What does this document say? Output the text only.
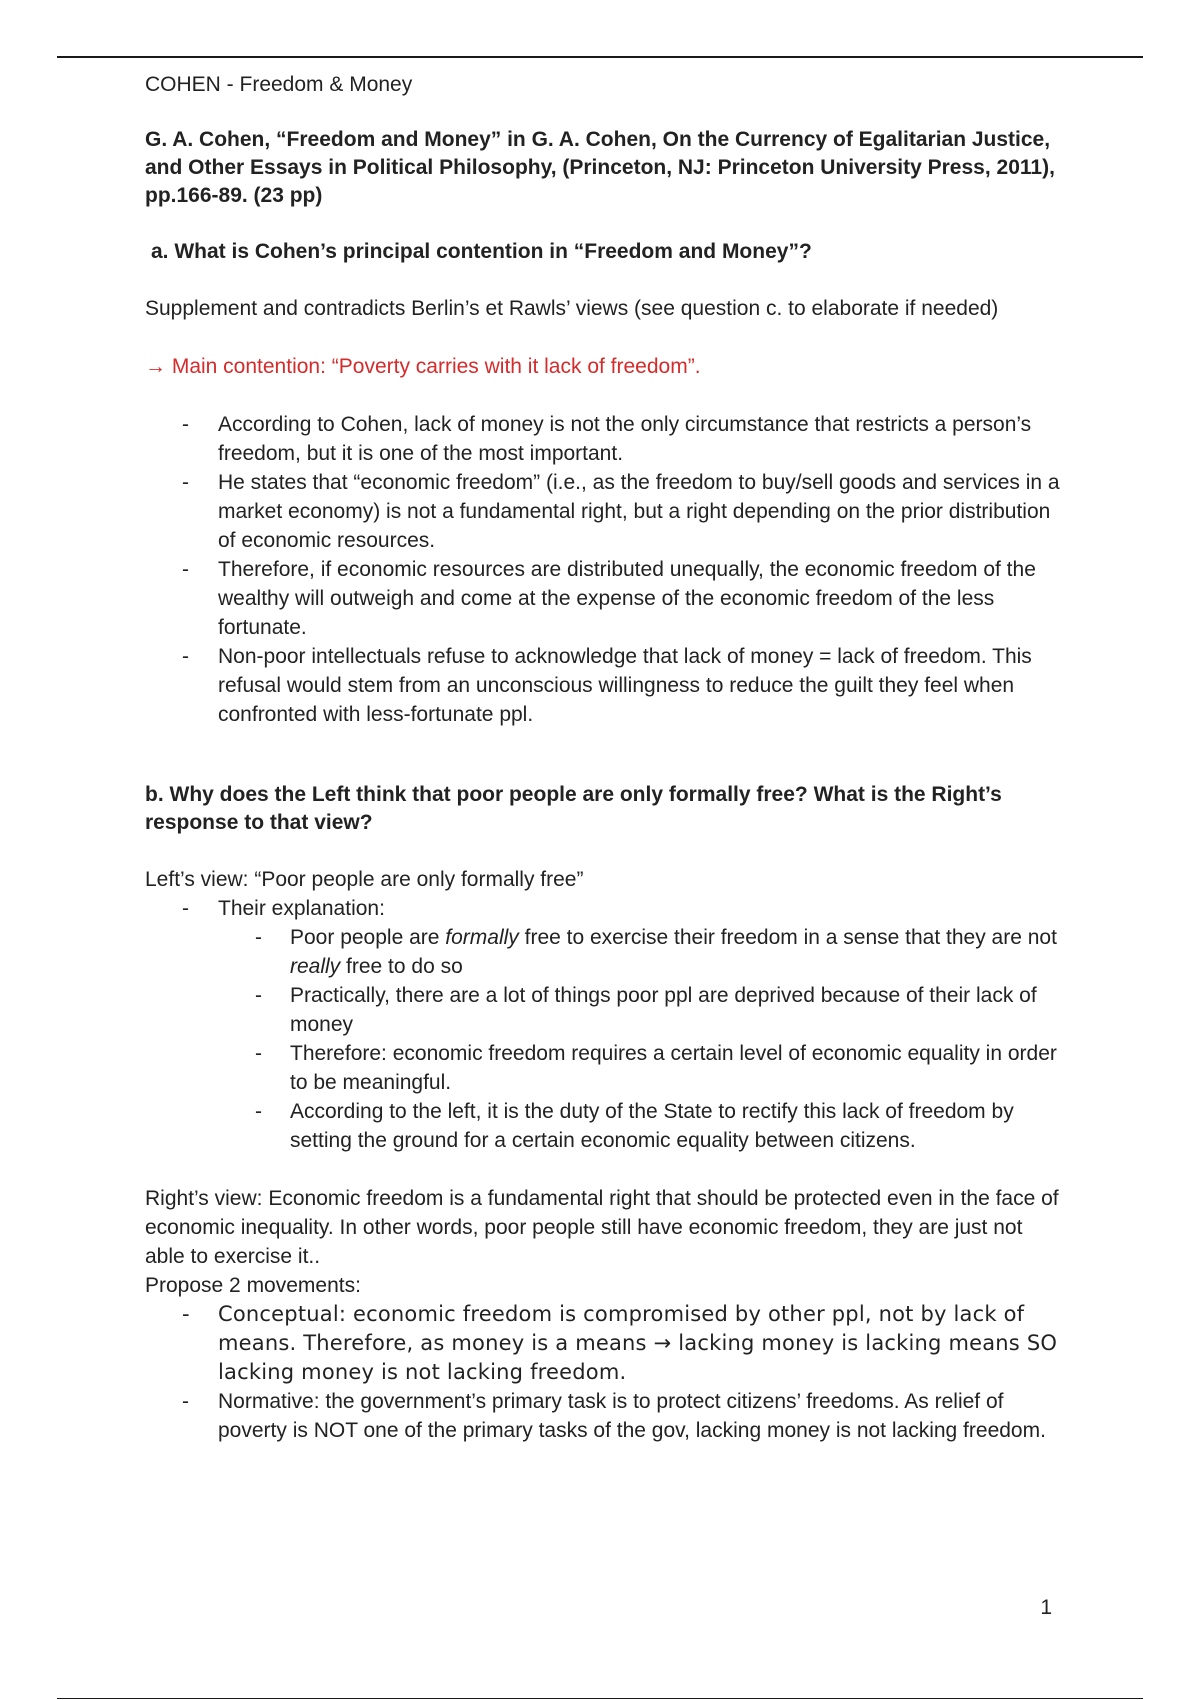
COHEN - Freedom & Money
G. A. Cohen, “Freedom and Money” in G. A. Cohen, On the Currency of Egalitarian Justice, and Other Essays in Political Philosophy, (Princeton, NJ: Princeton University Press, 2011), pp.166-89. (23 pp)
a. What is Cohen’s principal contention in “Freedom and Money”?

Supplement and contradicts Berlin’s et Rawls’ views (see question c. to elaborate if needed)

→ Main contention: “Poverty carries with it lack of freedom”.

- According to Cohen, lack of money is not the only circumstance that restricts a person’s freedom, but it is one of the most important.
- He states that “economic freedom” (i.e., as the freedom to buy/sell goods and services in a market economy) is not a fundamental right, but a right depending on the prior distribution of economic resources.
- Therefore, if economic resources are distributed unequally, the economic freedom of the wealthy will outweigh and come at the expense of the economic freedom of the less fortunate.
- Non-poor intellectuals refuse to acknowledge that lack of money = lack of freedom. This refusal would stem from an unconscious willingness to reduce the guilt they feel when confronted with less-fortunate ppl.
b. Why does the Left think that poor people are only formally free? What is the Right’s response to that view?

Left’s view: “Poor people are only formally free”

- Their explanation:
- Poor people are formally free to exercise their freedom in a sense that they are not really free to do so
- Practically, there are a lot of things poor ppl are deprived because of their lack of money
- Therefore: economic freedom requires a certain level of economic equality in order to be meaningful.
- According to the left, it is the duty of the State to rectify this lack of freedom by setting the ground for a certain economic equality between citizens.

Right’s view: Economic freedom is a fundamental right that should be protected even in the face of economic inequality. In other words, poor people still have economic freedom, they are just not able to exercise it..

Propose 2 movements:

- Conceptual: economic freedom is compromised by other ppl, not by lack of means. Therefore, as money is a means → lacking money is lacking means SO lacking money is not lacking freedom.
- Normative: the government’s primary task is to protect citizens’ freedoms. As relief of poverty is NOT one of the primary tasks of the gov, lacking money is not lacking freedom.
1
